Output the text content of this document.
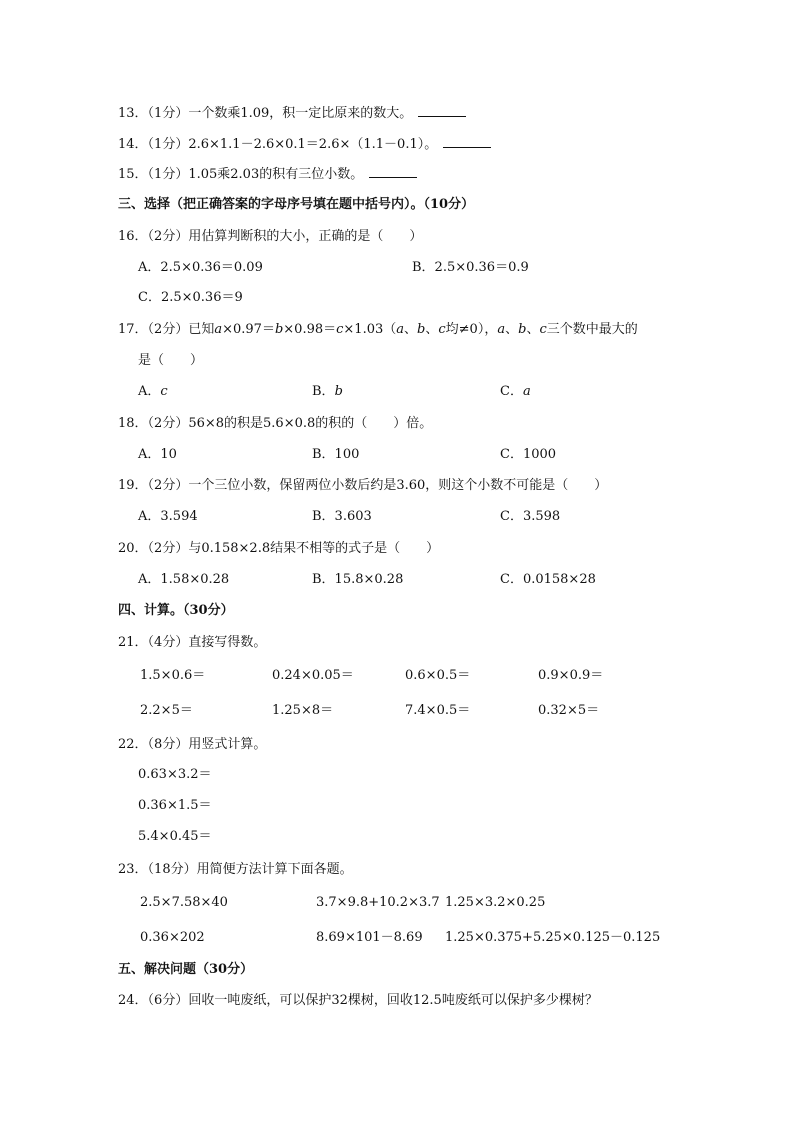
13．（1分）一个数乘1.09，积一定比原来的数大。
14．（1分）2.6×1.1－2.6×0.1＝2.6×（1.1－0.1）。
15．（1分）1.05乘2.03的积有三位小数。
三、选择（把正确答案的字母序号填在题中括号内）。（10分）
16．（2分）用估算判断积的大小，正确的是（　　）
A．2.5×0.36＝0.09	B．2.5×0.36＝0.9
C．2.5×0.36＝9
17．（2分）已知a×0.97＝b×0.98＝c×1.03（a、b、c均≠0），a、b、c三个数中最大的
是（　　）
A．c	B．b	C．a
18．（2分）56×8的积是5.6×0.8的积的（　　）倍。
A．10	B．100	C．1000
19．（2分）一个三位小数，保留两位小数后约是3.60，则这个小数不可能是（　　）
A．3.594	B．3.603	C．3.598
20．（2分）与0.158×2.8结果不相等的式子是（　　）
A．1.58×0.28	B．15.8×0.28	C．0.0158×28
四、计算。（30分）
21．（4分）直接写得数。
1.5×0.6＝	0.24×0.05＝	0.6×0.5＝	0.9×0.9＝
2.2×5＝	1.25×8＝	7.4×0.5＝	0.32×5＝
22．（8分）用竖式计算。
0.63×3.2＝
0.36×1.5＝
5.4×0.45＝
23．（18分）用简便方法计算下面各题。
2.5×7.58×40	3.7×9.8+10.2×3.7 1.25×3.2×0.25
0.36×202	8.69×101－8.69 1.25×0.375+5.25×0.125－0.125
五、解决问题（30分）
24．（6分）回收一吨废纸，可以保护32棵树，回收12.5吨废纸可以保护多少棵树？
